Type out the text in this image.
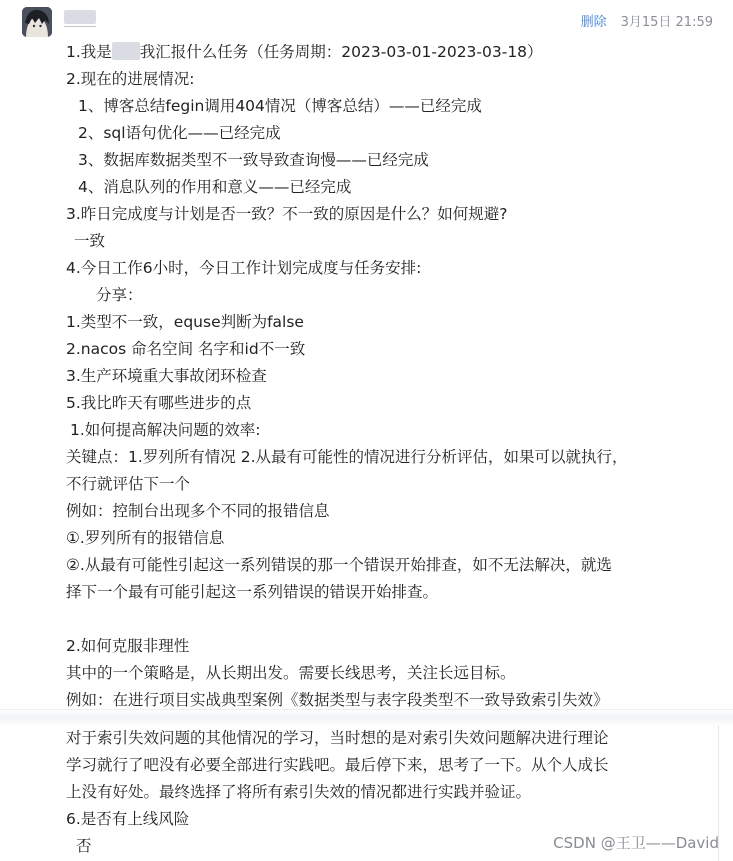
删除 3月15日 21:59
1.我是 我汇报什么任务（任务周期：2023-03-01-2023-03-18）
2.现在的进展情况:
1、博客总结fegin调用404情况（博客总结）——已经完成
2、sql语句优化——已经完成
3、数据库数据类型不一致导致查询慢——已经完成
4、消息队列的作用和意义——已经完成
3.昨日完成度与计划是否一致？不一致的原因是什么？如何规避?
一致
4.今日工作6小时，今日工作计划完成度与任务安排:
分享：
1.类型不一致，equse判断为false
2.nacos 命名空间 名字和id不一致
3.生产环境重大事故闭环检查
5.我比昨天有哪些进步的点
1.如何提高解决问题的效率:
关键点：1.罗列所有情况 2.从最有可能性的情况进行分析评估，如果可以就执行，
不行就评估下一个
例如：控制台出现多个不同的报错信息
①.罗列所有的报错信息
②.从最有可能性引起这一系列错误的那一个错误开始排查，如不无法解决，就选
择下一个最有可能引起这一系列错误的错误开始排查。
2.如何克服非理性
其中的一个策略是，从长期出发。需要长线思考，关注长远目标。
例如：在进行项目实战典型案例《数据类型与表字段类型不一致导致索引失效》
对于索引失效问题的其他情况的学习，当时想的是对索引失效问题解决进行理论
学习就行了吧没有必要全部进行实践吧。最后停下来，思考了一下。从个人成长
上没有好处。最终选择了将所有索引失效的情况都进行实践并验证。
6.是否有上线风险
否	CSDN @王卫——David
